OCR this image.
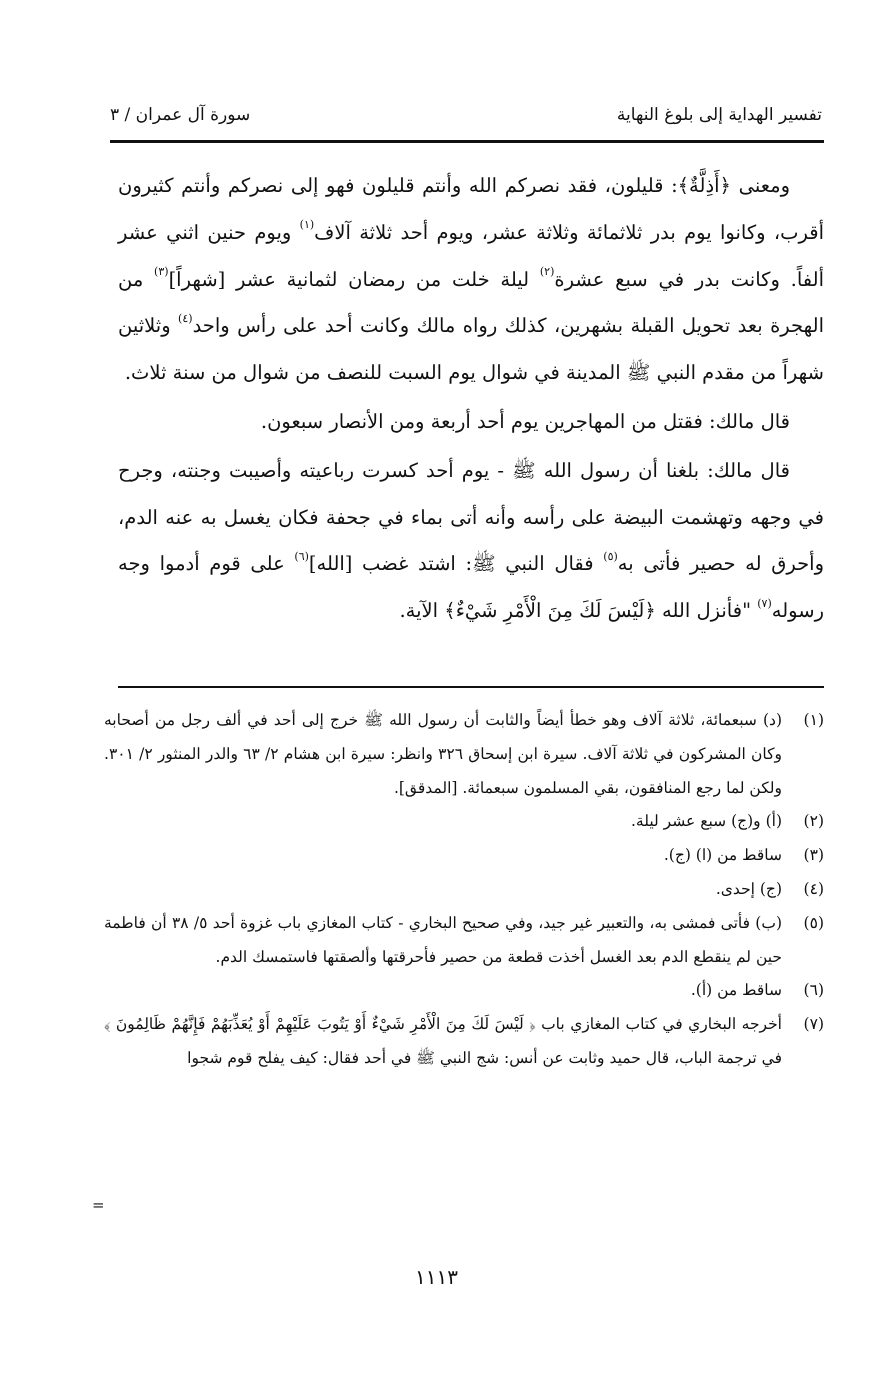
تفسير الهداية إلى بلوغ النهاية
سورة آل عمران / ٣

ومعنى ﴿أَذِلَّةٌ﴾: قليلون، فقد نصركم الله وأنتم قليلون فهو إلى نصركم وأنتم كثيرون أقرب، وكانوا يوم بدر ثلاثمائة وثلاثة عشر، ويوم أحد ثلاثة آلاف$^{(١)}$ ويوم حنين اثني عشر ألفاً. وكانت بدر في سبع عشرة$^{(٢)}$ ليلة خلت من رمضان لثمانية عشر [شهراً]$^{(٣)}$ من الهجرة بعد تحويل القبلة بشهرين، كذلك رواه مالك وكانت أحد على رأس واحد$^{(٤)}$ وثلاثين شهراً من مقدم النبي ﷺ المدينة في شوال يوم السبت للنصف من شوال من سنة ثلاث.

قال مالك: فقتل من المهاجرين يوم أحد أربعة ومن الأنصار سبعون.

قال مالك: بلغنا أن رسول الله ﷺ - يوم أحد كسرت رباعيته وأصيبت وجنته، وجرح في وجهه وتهشمت البيضة على رأسه وأنه أتى بماء في جحفة فكان يغسل به عنه الدم، وأحرق له حصير فأتى به$^{(٥)}$ فقال النبي ﷺ: اشتد غضب [الله]$^{(٦)}$ على قوم أدموا وجه رسوله$^{(٧)}$ "فأنزل الله ﴿لَيْسَ لَكَ مِنَ الْأَمْرِ شَيْءٌ﴾ الآية.

(١)
(د) سبعمائة، ثلاثة آلاف وهو خطأ أيضاً والثابت أن رسول الله ﷺ خرج إلى أحد في ألف رجل من أصحابه وكان المشركون في ثلاثة آلاف. سيرة ابن إسحاق ٣٢٦ وانظر: سيرة ابن هشام ٢/ ٦٣ والدر المنثور ٢/ ٣٠١. ولكن لما رجع المنافقون، بقي المسلمون سبعمائة. [المدقق].
(٢)
(أ) و(ج) سبع عشر ليلة.
(٣)
ساقط من (ا) (ج).
(٤)
(ج) إحدى.
(٥)
(ب) فأتى فمشى به، والتعبير غير جيد، وفي صحيح البخاري - كتاب المغازي باب غزوة أحد ٥/ ٣٨ أن فاطمة حين لم ينقطع الدم بعد الغسل أخذت قطعة من حصير فأحرقتها وألصقتها فاستمسك الدم.
(٦)
ساقط من (أ).
(٧)
أخرجه البخاري في كتاب المغازي باب ﴿ لَيْسَ لَكَ مِنَ الْأَمْرِ شَيْءٌ أَوْ يَتُوبَ عَلَيْهِمْ أَوْ يُعَذِّبَهُمْ فَإِنَّهُمْ ظَالِمُونَ ﴾ في ترجمة الباب، قال حميد وثابت عن أنس: شج النبي ﷺ في أحد فقال: كيف يفلح قوم شجوا
=
١١١٣
